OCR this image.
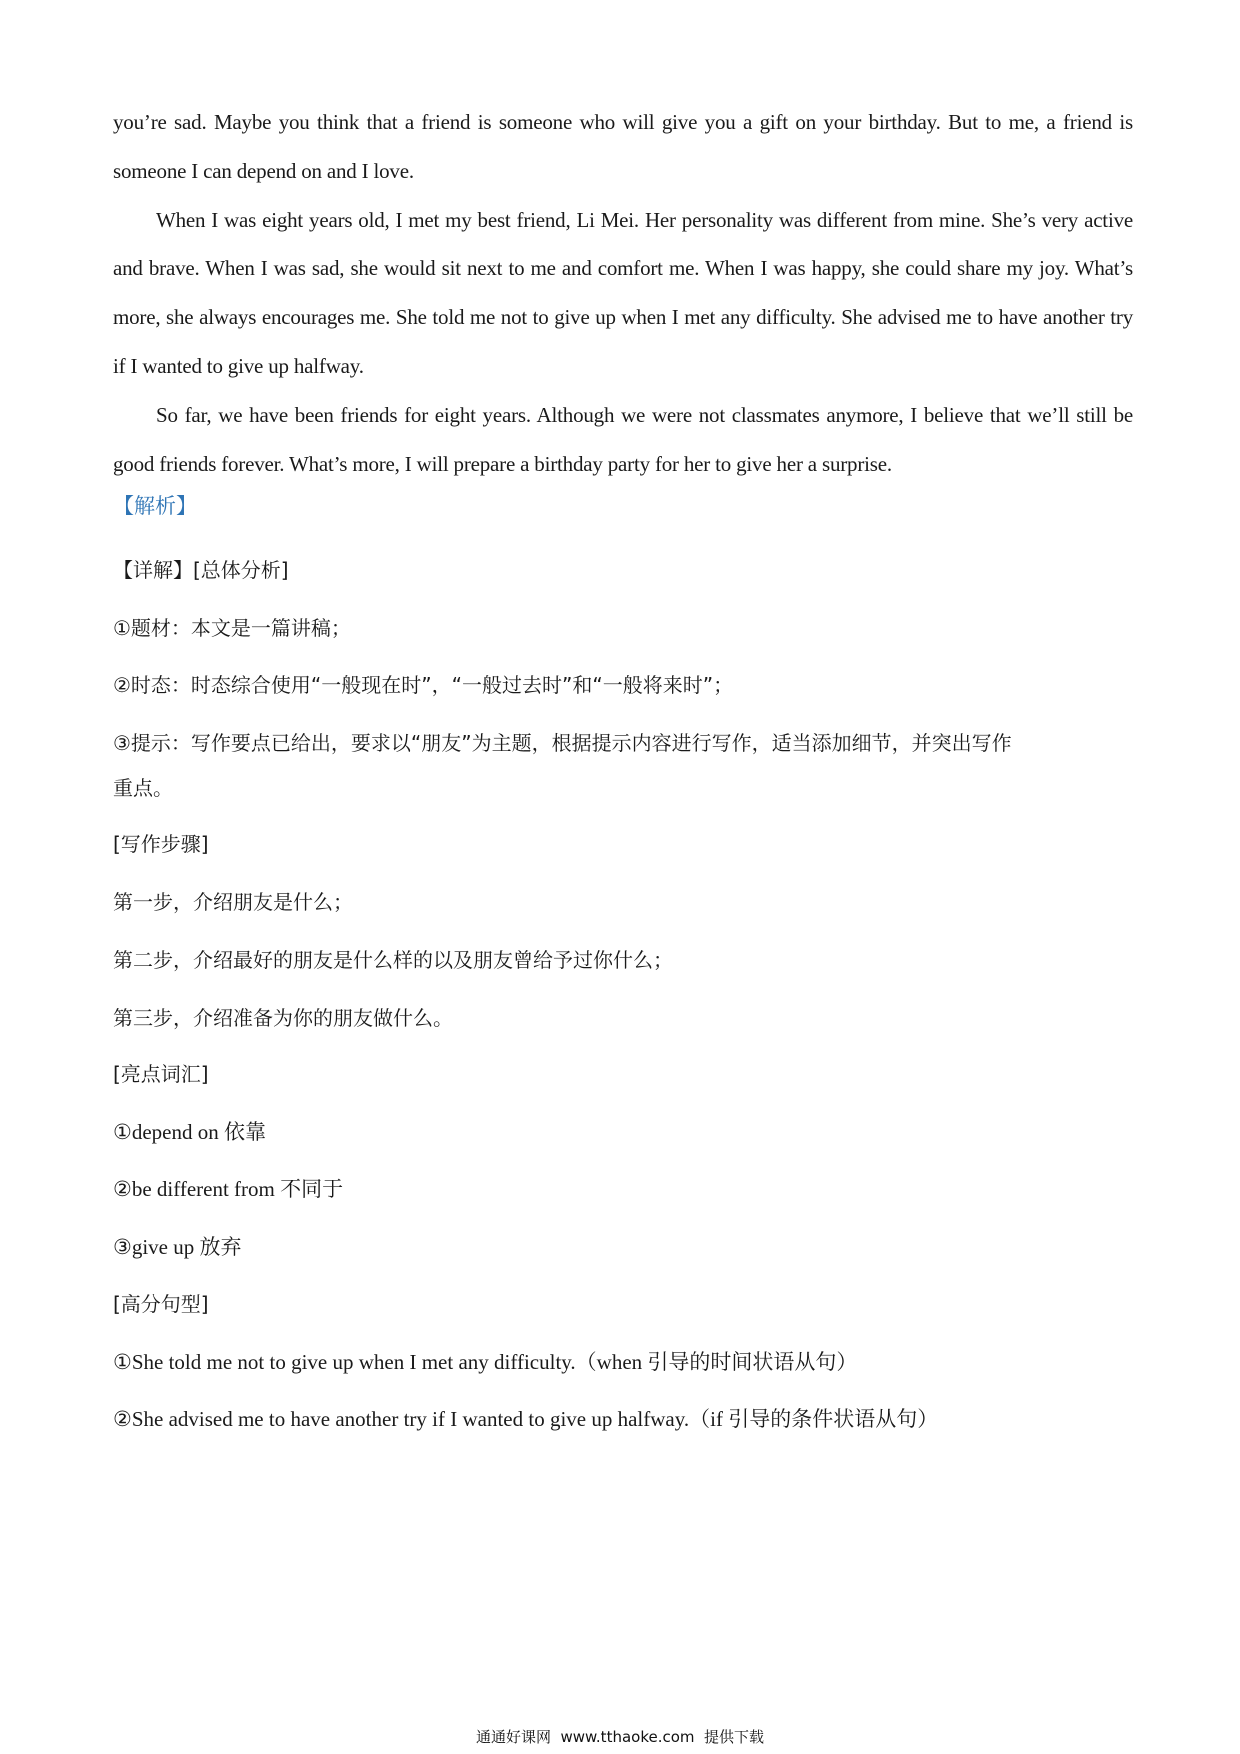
you’re sad. Maybe you think that a friend is someone who will give you a gift on your birthday. But to me, a friend is someone I can depend on and I love.

When I was eight years old, I met my best friend, Li Mei. Her personality was different from mine. She’s very active and brave. When I was sad, she would sit next to me and comfort me. When I was happy, she could share my joy. What’s more, she always encourages me. She told me not to give up when I met any difficulty. She advised me to have another try if I wanted to give up halfway.

So far, we have been friends for eight years. Although we were not classmates anymore, I believe that we’ll still be good friends forever. What’s more, I will prepare a birthday party for her to give her a surprise.

【解析】
【详解】[总体分析]
①题材：本文是一篇讲稿；
②时态：时态综合使用“一般现在时”，“一般过去时”和“一般将来时”；
③提示：写作要点已给出，要求以“朋友”为主题，根据提示内容进行写作，适当添加细节，并突出写作
重点。
[写作步骤]
第一步，介绍朋友是什么；
第二步，介绍最好的朋友是什么样的以及朋友曾给予过你什么；
第三步，介绍准备为你的朋友做什么。
[亮点词汇]
①depend on 依靠
②be different from 不同于
③give up 放弃
[高分句型]
①She told me not to give up when I met any difficulty.（when 引导的时间状语从句）
②She advised me to have another try if I wanted to give up halfway.（if 引导的条件状语从句）
通通好课网  www.tthaoke.com  提供下载
